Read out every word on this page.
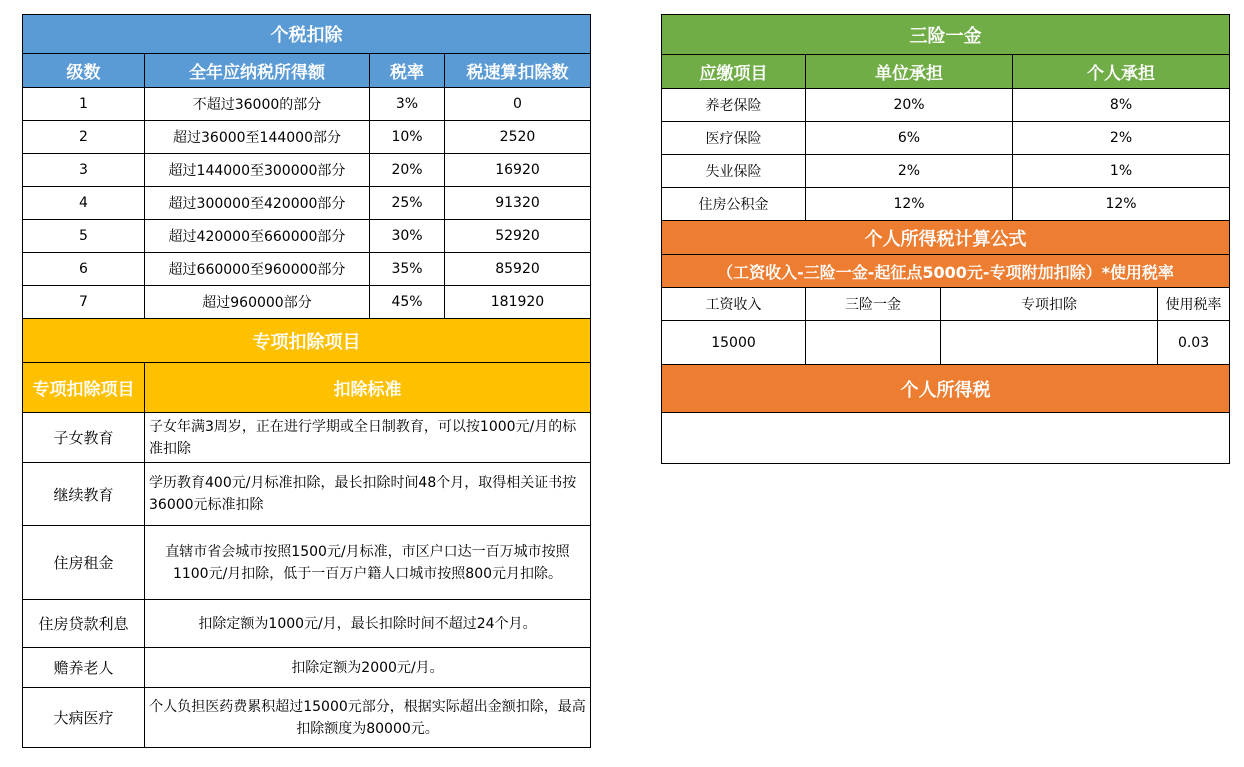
个税扣除			
级数	全年应纳税所得额	税率	税速算扣除数
1	不超过36000的部分	3%	0
2	超过36000至144000部分	10%	2520
3	超过144000至300000部分	20%	16920
4	超过300000至420000部分	25%	91320
5	超过420000至660000部分	30%	52920
6	超过660000至960000部分	35%	85920
7	超过960000部分	45%	181920
专项扣除项目			
专项扣除项目	扣除标准		
子女教育	子女年满3周岁，正在进行学期或全日制教育，可以按1000元/月的标准扣除		
继续教育	学历教育400元/月标准扣除，最长扣除时间48个月，取得相关证书按36000元标准扣除		
住房租金	直辖市省会城市按照1500元/月标准，市区户口达一百万城市按照1100元/月扣除，低于一百万户籍人口城市按照800元月扣除。		
住房贷款利息	扣除定额为1000元/月，最长扣除时间不超过24个月。		
赡养老人	扣除定额为2000元/月。		
大病医疗	个人负担医药费累积超过15000元部分，根据实际超出金额扣除，最高扣除额度为80000元。		
三险一金				
应缴项目	单位承担		个人承担	
养老保险	20%		8%	
医疗保险	6%		2%	
失业保险	2%		1%	
住房公积金	12%		12%	
个人所得税计算公式				
（工资收入-三险一金-起征点5000元-专项附加扣除）*使用税率				
工资收入	三险一金	专项扣除		使用税率
15000				0.03
个人所得税				
